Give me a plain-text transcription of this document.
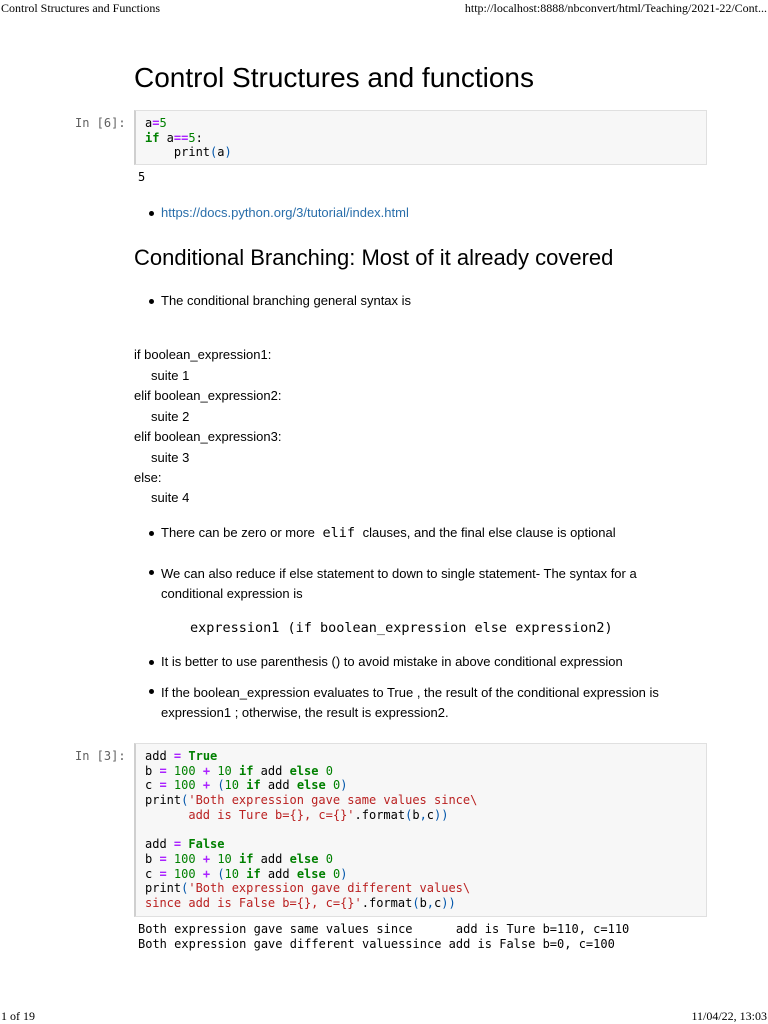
Control Structures and Functions	http://localhost:8888/nbconvert/html/Teaching/2021-22/Cont...
Control Structures and functions
In [6]: a=5
if a==5:
print(a)
5
https://docs.python.org/3/tutorial/index.html
Conditional Branching: Most of it already covered
The conditional branching general syntax is
if boolean_expression1:
suite 1
elif boolean_expression2:
suite 2
elif boolean_expression3:
suite 3
else:
suite 4
There can be zero or more elif clauses, and the final else clause is optional
We can also reduce if else statement to down to single statement- The syntax for a
conditional expression is
expression1 (if boolean_expression else expression2)
It is better to use parenthesis () to avoid mistake in above conditional expression
If the boolean_expression evaluates to True , the result of the conditional expression is
expression1 ; otherwise, the result is expression2.
In [3]: add = True
b = 100 + 10 if add else 0
c = 100 + (10 if add else 0)
print('Both expression gave same values since\
add is Ture b={}, c={}'.format(b,c))

add = False
b = 100 + 10 if add else 0
c = 100 + (10 if add else 0)
print('Both expression gave different values\
since add is False b={}, c={}'.format(b,c))
Both expression gave same values since      add is Ture b=110, c=110
Both expression gave different valuessince add is False b=0, c=100
1 of 19	11/04/22, 13:03
